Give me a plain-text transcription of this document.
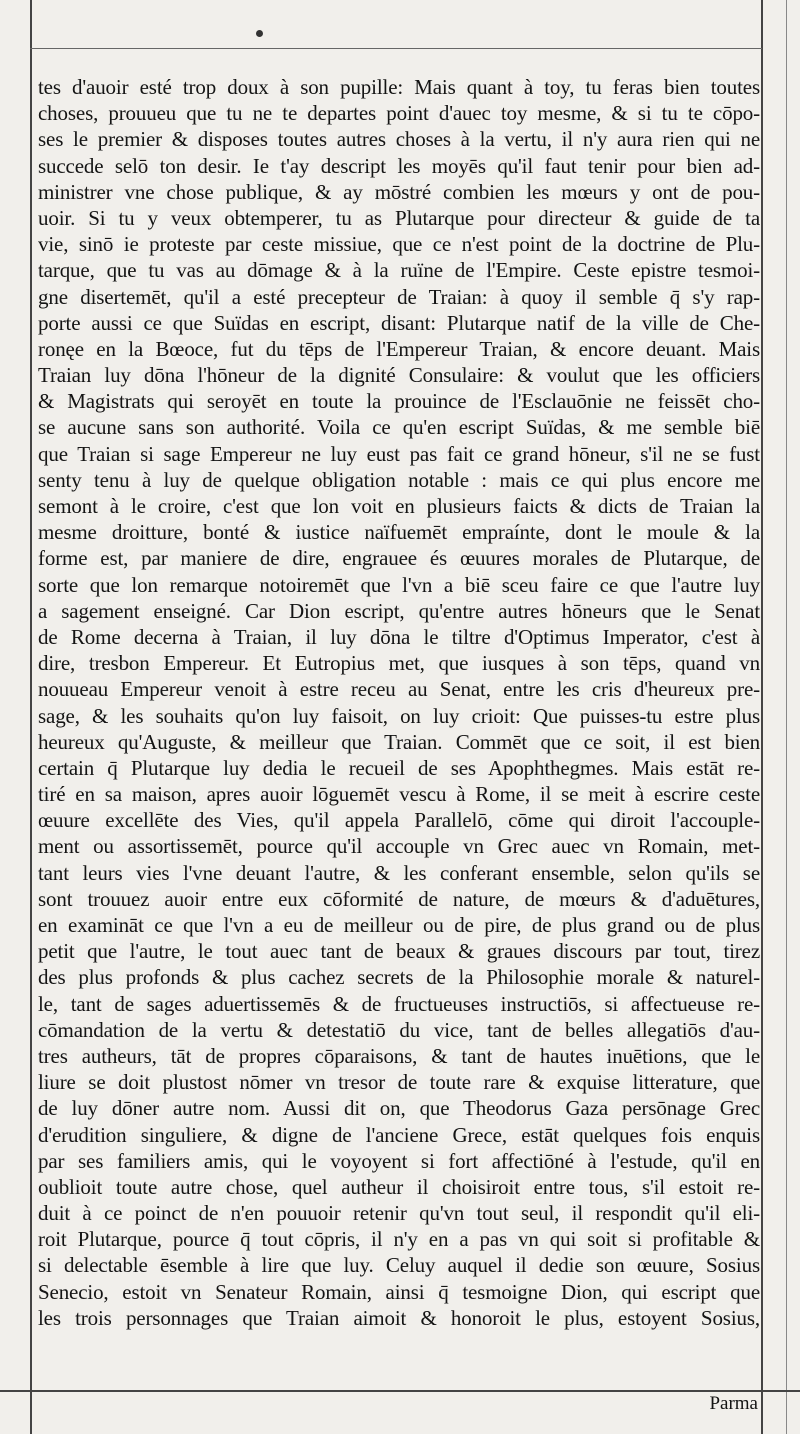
tes d'auoir esté trop doux à son pupille: Mais quant à toy, tu feras bien toutes
choses, prouueu que tu ne te departes point d'auec toy mesme, & si tu te cōpo-
ses le premier & disposes toutes autres choses à la vertu, il n'y aura rien qui ne
succede selō ton desir. Ie t'ay descript les moyēs qu'il faut tenir pour bien ad-
ministrer vne chose publique, & ay mōstré combien les mœurs y ont de pou-
uoir. Si tu y veux obtemperer, tu as Plutarque pour directeur & guide de ta
vie, sinō ie proteste par ceste missiue, que ce n'est point de la doctrine de Plu-
tarque, que tu vas au dōmage & à la ruïne de l'Empire. Ceste epistre tesmoi-
gne disertemēt, qu'il a esté precepteur de Traian: à quoy il semble q̄ s'y rap-
porte aussi ce que Suïdas en escript, disant: Plutarque natif de la ville de Che-
ronęe en la Bœoce, fut du tēps de l'Empereur Traian, & encore deuant. Mais
Traian luy dōna l'hōneur de la dignité Consulaire: & voulut que les officiers
& Magistrats qui seroyēt en toute la prouince de l'Esclauōnie ne feissēt cho-
se aucune sans son authorité. Voila ce qu'en escript Suïdas, & me semble biē
que Traian si sage Empereur ne luy eust pas fait ce grand hōneur, s'il ne se fust
senty tenu à luy de quelque obligation notable : mais ce qui plus encore me
semont à le croire, c'est que lon voit en plusieurs faicts & dicts de Traian la
mesme droitture, bonté & iustice naïfuemēt empraínte, dont le moule & la
forme est, par maniere de dire, engrauee és œuures morales de Plutarque, de
sorte que lon remarque notoiremēt que l'vn a biē sceu faire ce que l'autre luy
a sagement enseigné. Car Dion escript, qu'entre autres hōneurs que le Senat
de Rome decerna à Traian, il luy dōna le tiltre d'Optimus Imperator, c'est à
dire, tresbon Empereur. Et Eutropius met, que iusques à son tēps, quand vn
nouueau Empereur venoit à estre receu au Senat, entre les cris d'heureux pre-
sage, & les souhaits qu'on luy faisoit, on luy crioit: Que puisses-tu estre plus
heureux qu'Auguste, & meilleur que Traian. Commēt que ce soit, il est bien
certain q̄ Plutarque luy dedia le recueil de ses Apophthegmes. Mais estāt re-
tiré en sa maison, apres auoir lōguemēt vescu à Rome, il se meit à escrire ceste
œuure excellēte des Vies, qu'il appela Parallelō, cōme qui diroit l'accouple-
ment ou assortissemēt, pource qu'il accouple vn Grec auec vn Romain, met-
tant leurs vies l'vne deuant l'autre, & les conferant ensemble, selon qu'ils se
sont trouuez auoir entre eux cōformité de nature, de mœurs & d'aduētures,
en examināt ce que l'vn a eu de meilleur ou de pire, de plus grand ou de plus
petit que l'autre, le tout auec tant de beaux & graues discours par tout, tirez
des plus profonds & plus cachez secrets de la Philosophie morale & naturel-
le, tant de sages aduertissemēs & de fructueuses instructiōs, si affectueuse re-
cōmandation de la vertu & detestatiō du vice, tant de belles allegatiōs d'au-
tres autheurs, tāt de propres cōparaisons, & tant de hautes inuētions, que le
liure se doit plustost nōmer vn tresor de toute rare & exquise litterature, que
de luy dōner autre nom. Aussi dit on, que Theodorus Gaza persōnage Grec
d'erudition singuliere, & digne de l'anciene Grece, estāt quelques fois enquis
par ses familiers amis, qui le voyoyent si fort affectiōné à l'estude, qu'il en
oublioit toute autre chose, quel autheur il choisiroit entre tous, s'il estoit re-
duit à ce poinct de n'en pouuoir retenir qu'vn tout seul, il respondit qu'il eli-
roit Plutarque, pource q̄ tout cōpris, il n'y en a pas vn qui soit si profitable &
si delectable ēsemble à lire que luy. Celuy auquel il dedie son œuure, Sosius
Senecio, estoit vn Senateur Romain, ainsi q̄ tesmoigne Dion, qui escript que
les trois personnages que Traian aimoit & honoroit le plus, estoyent Sosius,
Parma
